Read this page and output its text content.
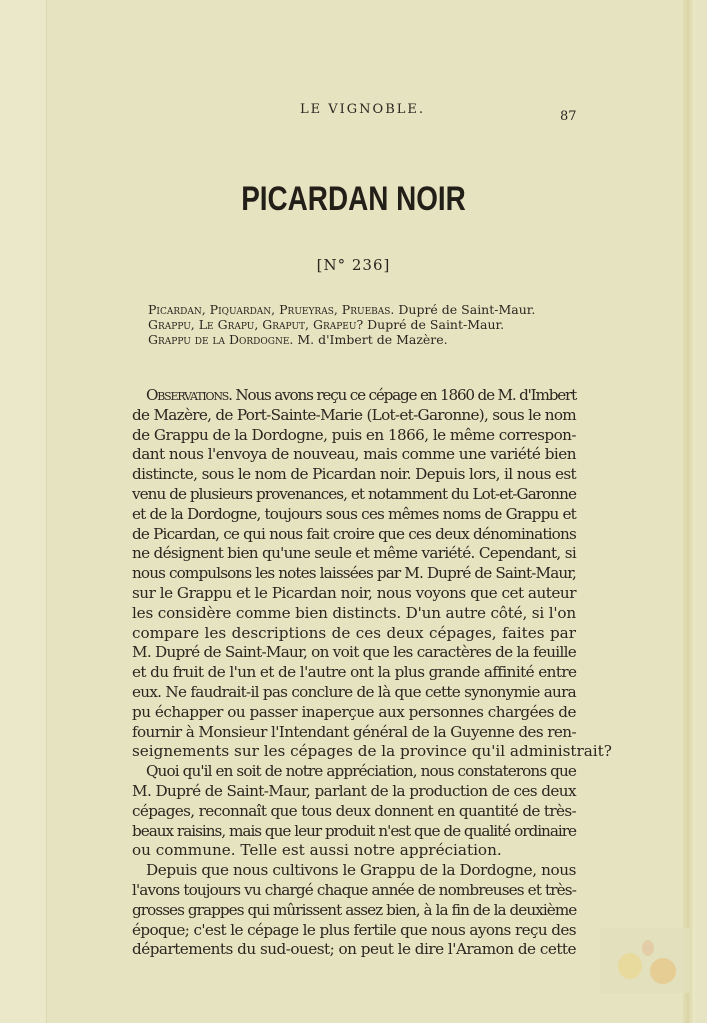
LE VIGNOBLE.	87
PICARDAN NOIR
[N° 236]
Picardan, Piquardan, Prueyras, Pruebas. Dupré de Saint-Maur.
Grappu, Le Grapu, Graput, Grapeu? Dupré de Saint-Maur.
Grappu de la Dordogne. M. d'Imbert de Mazère.
Observations. Nous avons reçu ce cépage en 1860 de M. d'Imbert
de Mazère, de Port-Sainte-Marie (Lot-et-Garonne), sous le nom
de Grappu de la Dordogne, puis en 1866, le même correspon-
dant nous l'envoya de nouveau, mais comme une variété bien
distincte, sous le nom de Picardan noir. Depuis lors, il nous est
venu de plusieurs provenances, et notamment du Lot-et-Garonne
et de la Dordogne, toujours sous ces mêmes noms de Grappu et
de Picardan, ce qui nous fait croire que ces deux dénominations
ne désignent bien qu'une seule et même variété. Cependant, si
nous compulsons les notes laissées par M. Dupré de Saint-Maur,
sur le Grappu et le Picardan noir, nous voyons que cet auteur
les considère comme bien distincts. D'un autre côté, si l'on
compare les descriptions de ces deux cépages, faites par
M. Dupré de Saint-Maur, on voit que les caractères de la feuille
et du fruit de l'un et de l'autre ont la plus grande affinité entre
eux. Ne faudrait-il pas conclure de là que cette synonymie aura
pu échapper ou passer inaperçue aux personnes chargées de
fournir à Monsieur l'Intendant général de la Guyenne des ren-
seignements sur les cépages de la province qu'il administrait?
Quoi qu'il en soit de notre appréciation, nous constaterons que
M. Dupré de Saint-Maur, parlant de la production de ces deux
cépages, reconnaît que tous deux donnent en quantité de très-
beaux raisins, mais que leur produit n'est que de qualité ordinaire
ou commune. Telle est aussi notre appréciation.
Depuis que nous cultivons le Grappu de la Dordogne, nous
l'avons toujours vu chargé chaque année de nombreuses et très-
grosses grappes qui mûrissent assez bien, à la fin de la deuxième
époque; c'est le cépage le plus fertile que nous ayons reçu des
départements du sud-ouest; on peut le dire l'Aramon de cette
